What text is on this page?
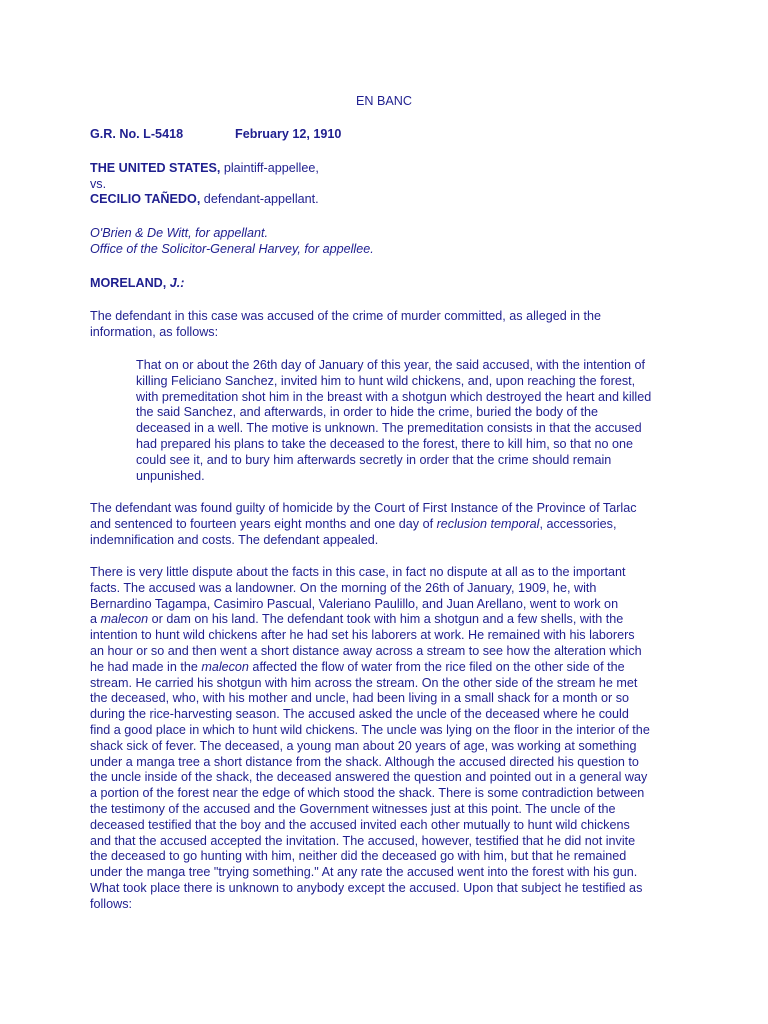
EN BANC
G.R. No. L-5418	February 12, 1910
THE UNITED STATES, plaintiff-appellee,
vs.
CECILIO TAÑEDO, defendant-appellant.
O'Brien & De Witt, for appellant.
Office of the Solicitor-General Harvey, for appellee.
MORELAND, J.:
The defendant in this case was accused of the crime of murder committed, as alleged in the
information, as follows:
That on or about the 26th day of January of this year, the said accused, with the intention of
killing Feliciano Sanchez, invited him to hunt wild chickens, and, upon reaching the forest,
with premeditation shot him in the breast with a shotgun which destroyed the heart and killed
the said Sanchez, and afterwards, in order to hide the crime, buried the body of the
deceased in a well. The motive is unknown. The premeditation consists in that the accused
had prepared his plans to take the deceased to the forest, there to kill him, so that no one
could see it, and to bury him afterwards secretly in order that the crime should remain
unpunished.
The defendant was found guilty of homicide by the Court of First Instance of the Province of Tarlac
and sentenced to fourteen years eight months and one day of reclusion temporal, accessories,
indemnification and costs. The defendant appealed.
There is very little dispute about the facts in this case, in fact no dispute at all as to the important
facts. The accused was a landowner. On the morning of the 26th of January, 1909, he, with
Bernardino Tagampa, Casimiro Pascual, Valeriano Paulillo, and Juan Arellano, went to work on
a malecon or dam on his land. The defendant took with him a shotgun and a few shells, with the
intention to hunt wild chickens after he had set his laborers at work. He remained with his laborers
an hour or so and then went a short distance away across a stream to see how the alteration which
he had made in the malecon affected the flow of water from the rice filed on the other side of the
stream. He carried his shotgun with him across the stream. On the other side of the stream he met
the deceased, who, with his mother and uncle, had been living in a small shack for a month or so
during the rice-harvesting season. The accused asked the uncle of the deceased where he could
find a good place in which to hunt wild chickens. The uncle was lying on the floor in the interior of the
shack sick of fever. The deceased, a young man about 20 years of age, was working at something
under a manga tree a short distance from the shack. Although the accused directed his question to
the uncle inside of the shack, the deceased answered the question and pointed out in a general way
a portion of the forest near the edge of which stood the shack. There is some contradiction between
the testimony of the accused and the Government witnesses just at this point. The uncle of the
deceased testified that the boy and the accused invited each other mutually to hunt wild chickens
and that the accused accepted the invitation. The accused, however, testified that he did not invite
the deceased to go hunting with him, neither did the deceased go with him, but that he remained
under the manga tree "trying something." At any rate the accused went into the forest with his gun.
What took place there is unknown to anybody except the accused. Upon that subject he testified as
follows:
